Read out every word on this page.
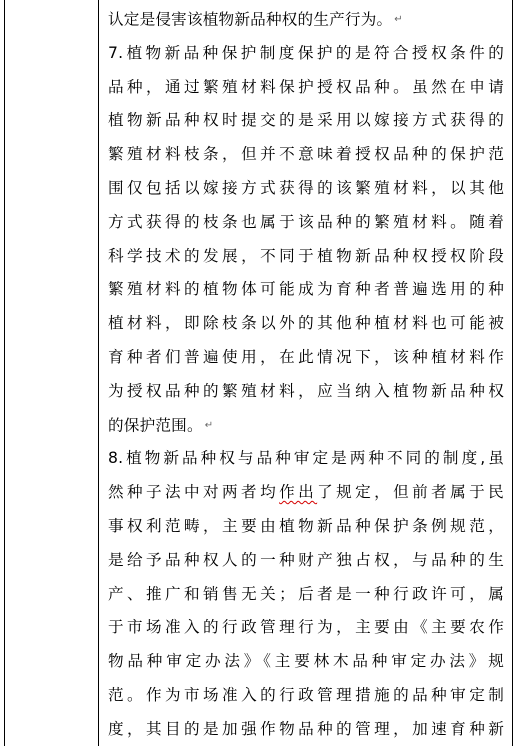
认定是侵害该植物新品种权的生产行为。 ↵
7.植物新品种保护制度保护的是符合授权条件的
品种，通过繁殖材料保护授权品种。虽然在申请
植物新品种权时提交的是采用以嫁接方式获得的
繁殖材料枝条，但并不意味着授权品种的保护范
围仅包括以嫁接方式获得的该繁殖材料，以其他
方式获得的枝条也属于该品种的繁殖材料。随着
科学技术的发展，不同于植物新品种权授权阶段
繁殖材料的植物体可能成为育种者普遍选用的种
植材料，即除枝条以外的其他种植材料也可能被
育种者们普遍使用，在此情况下，该种植材料作
为授权品种的繁殖材料，应当纳入植物新品种权
的保护范围。 ↵
8.植物新品种权与品种审定是两种不同的制度,虽
然种子法中对两者均作出了规定，但前者属于民
事权利范畴，主要由植物新品种保护条例规范，
是给予品种权人的一种财产独占权，与品种的生
产、推广和销售无关；后者是一种行政许可，属
于市场准入的行政管理行为，主要由《主要农作
物品种审定办法》《主要林木品种审定办法》规
范。作为市场准入的行政管理措施的品种审定制
度，其目的是加强作物品种的管理，加速育种新
